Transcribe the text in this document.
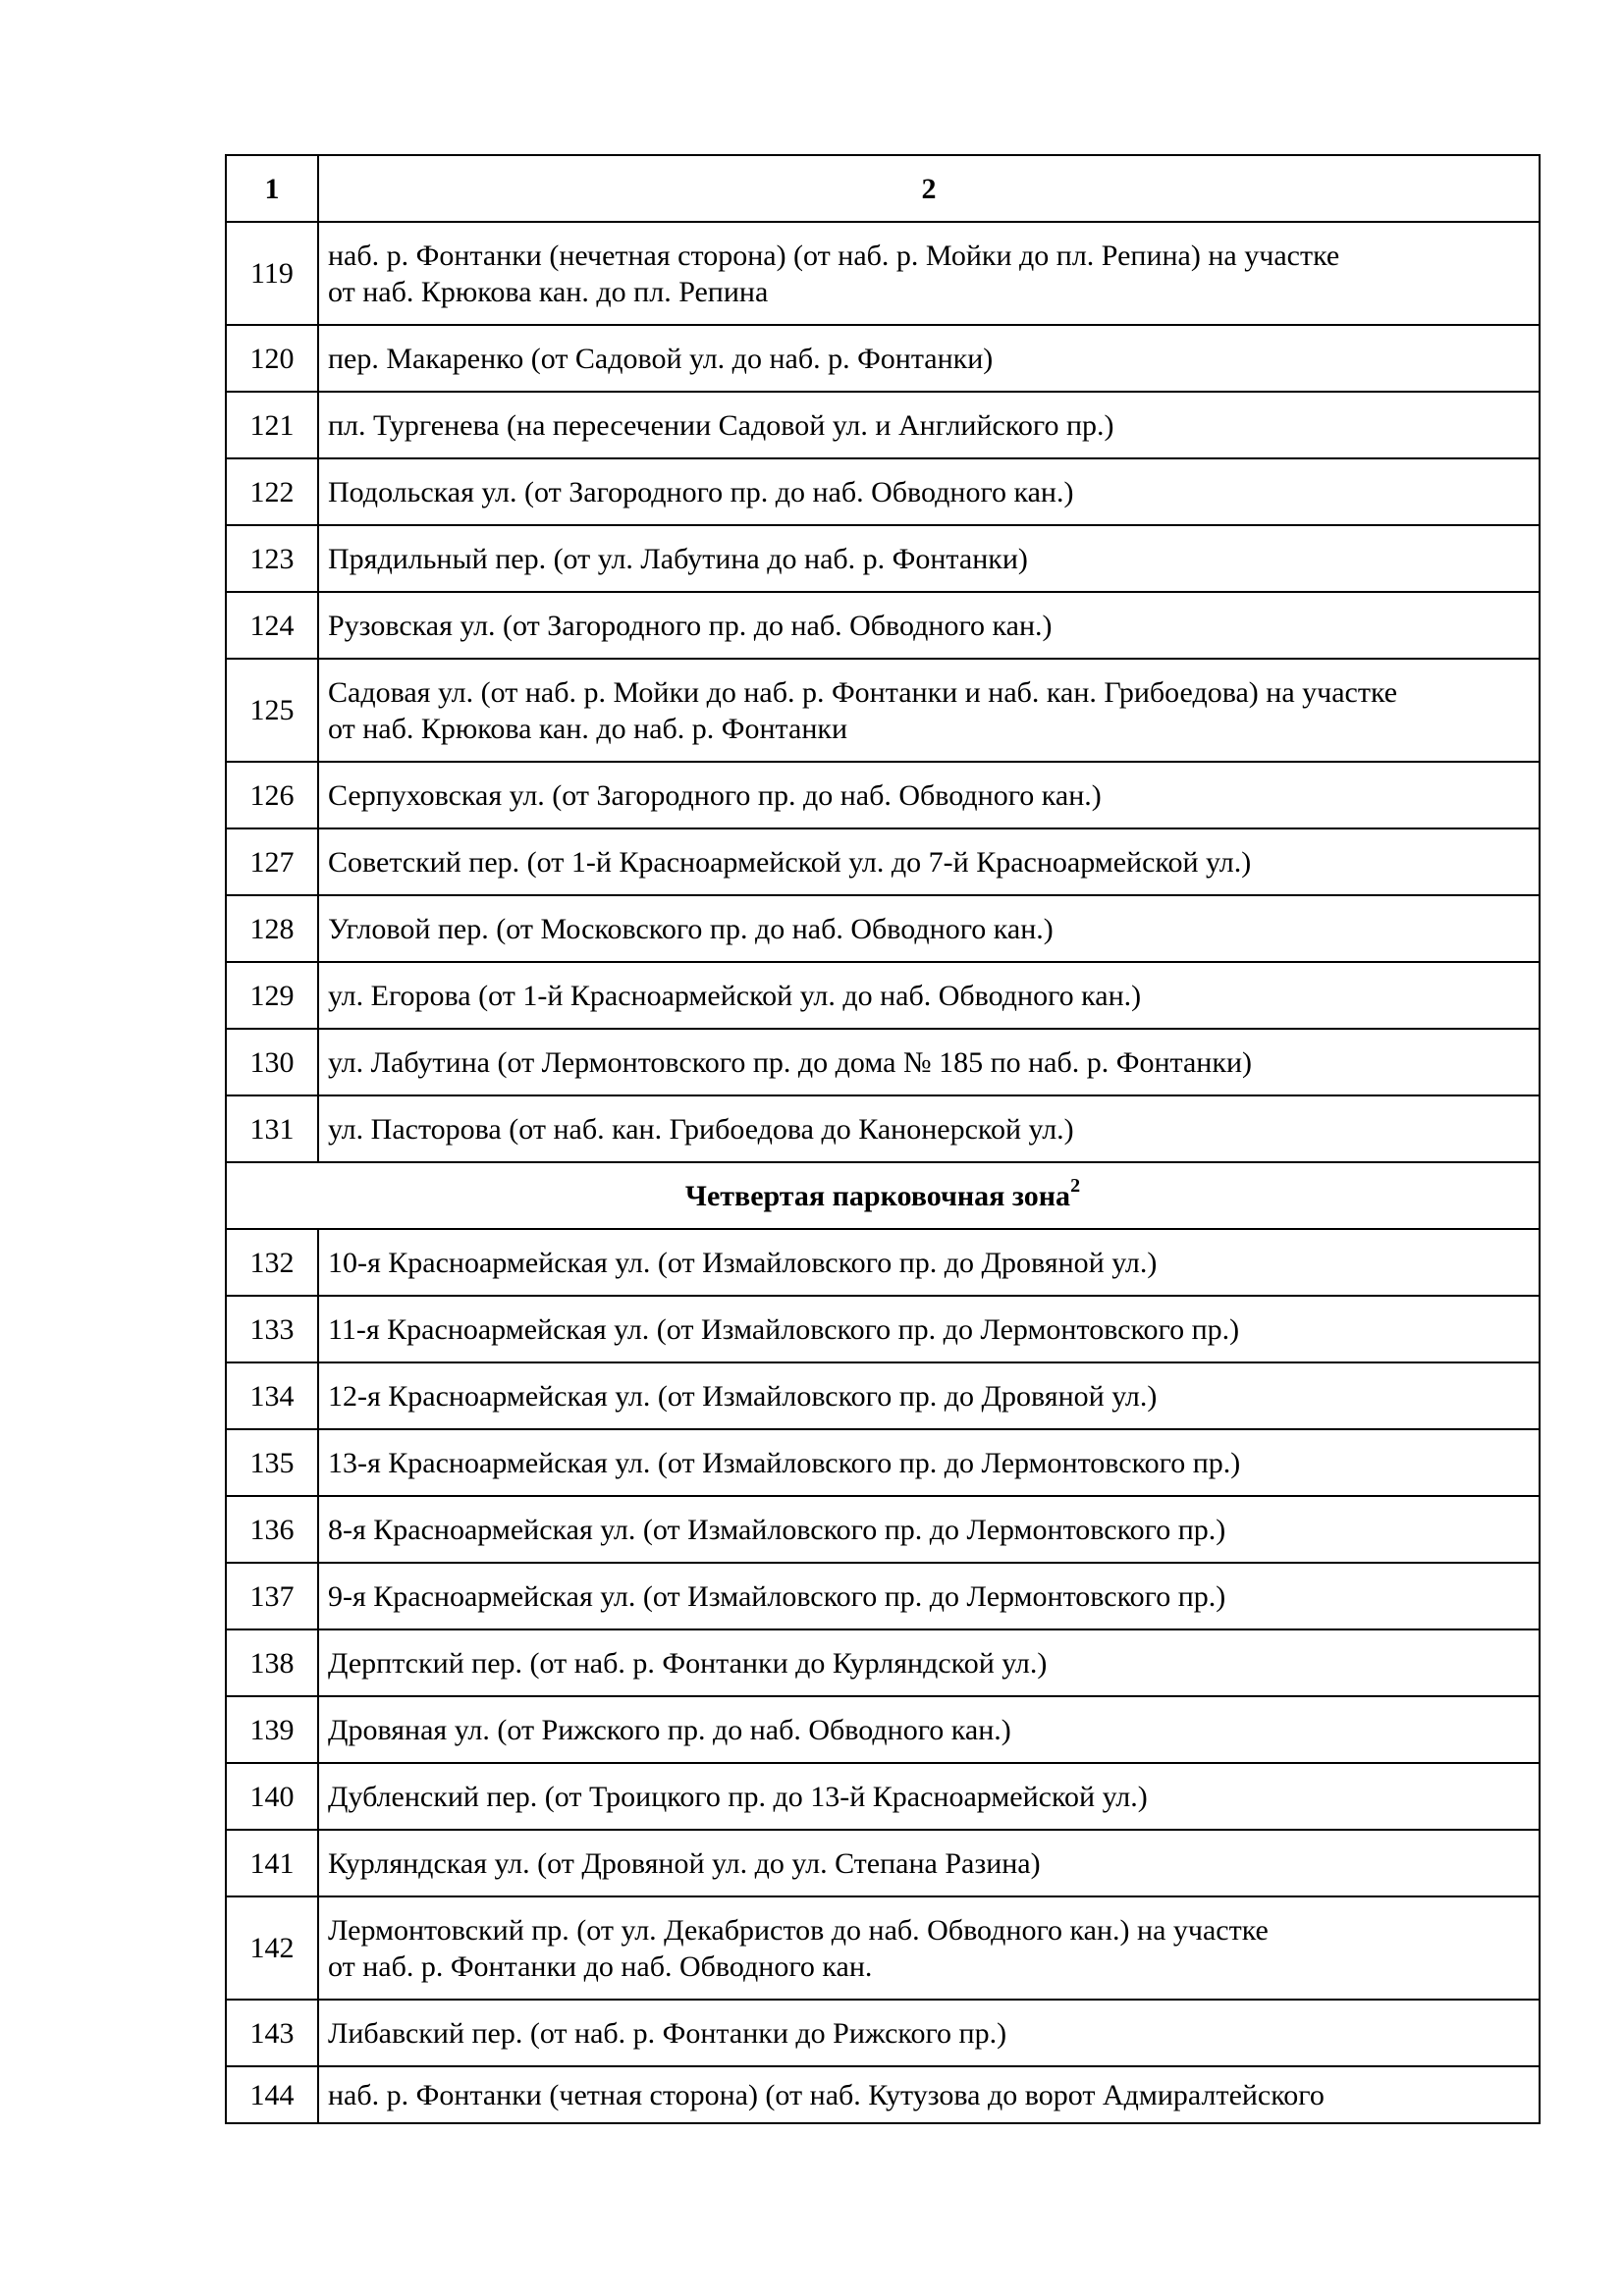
1	2
119	наб. р. Фонтанки (нечетная сторона) (от наб. р. Мойки до пл. Репина) на участке
от наб. Крюкова кан. до пл. Репина

120	пер. Макаренко (от Садовой ул. до наб. р. Фонтанки)

121	пл. Тургенева (на пересечении Садовой ул. и Английского пр.)

122	Подольская ул. (от Загородного пр. до наб. Обводного кан.)

123	Прядильный пер. (от ул. Лабутина до наб. р. Фонтанки)

124	Рузовская ул. (от Загородного пр. до наб. Обводного кан.)

125	Садовая ул. (от наб. р. Мойки до наб. р. Фонтанки и наб. кан. Грибоедова) на участке
от наб. Крюкова кан. до наб. р. Фонтанки

126	Серпуховская ул. (от Загородного пр. до наб. Обводного кан.)

127	Советский пер. (от 1-й Красноармейской ул. до 7-й Красноармейской ул.)

128	Угловой пер. (от Московского пр. до наб. Обводного кан.)

129	ул. Егорова (от 1-й Красноармейской ул. до наб. Обводного кан.)

130	ул. Лабутина (от Лермонтовского пр. до дома № 185 по наб. р. Фонтанки)

131	ул. Пасторова (от наб. кан. Грибоедова до Канонерской ул.)

Четвертая парковочная зона$^2$
132	10-я Красноармейская ул. (от Измайловского пр. до Дровяной ул.)

133	11-я Красноармейская ул. (от Измайловского пр. до Лермонтовского пр.)

134	12-я Красноармейская ул. (от Измайловского пр. до Дровяной ул.)

135	13-я Красноармейская ул. (от Измайловского пр. до Лермонтовского пр.)

136	8-я Красноармейская ул. (от Измайловского пр. до Лермонтовского пр.)

137	9-я Красноармейская ул. (от Измайловского пр. до Лермонтовского пр.)

138	Дерптский пер. (от наб. р. Фонтанки до Курляндской ул.)

139	Дровяная ул. (от Рижского пр. до наб. Обводного кан.)

140	Дубленский пер. (от Троицкого пр. до 13-й Красноармейской ул.)

141	Курляндская ул. (от Дровяной ул. до ул. Степана Разина)

142	Лермонтовский пр. (от ул. Декабристов до наб. Обводного кан.) на участке
от наб. р. Фонтанки до наб. Обводного кан.

143	Либавский пер. (от наб. р. Фонтанки до Рижского пр.)

144	наб. р. Фонтанки (четная сторона) (от наб. Кутузова до ворот Адмиралтейского
